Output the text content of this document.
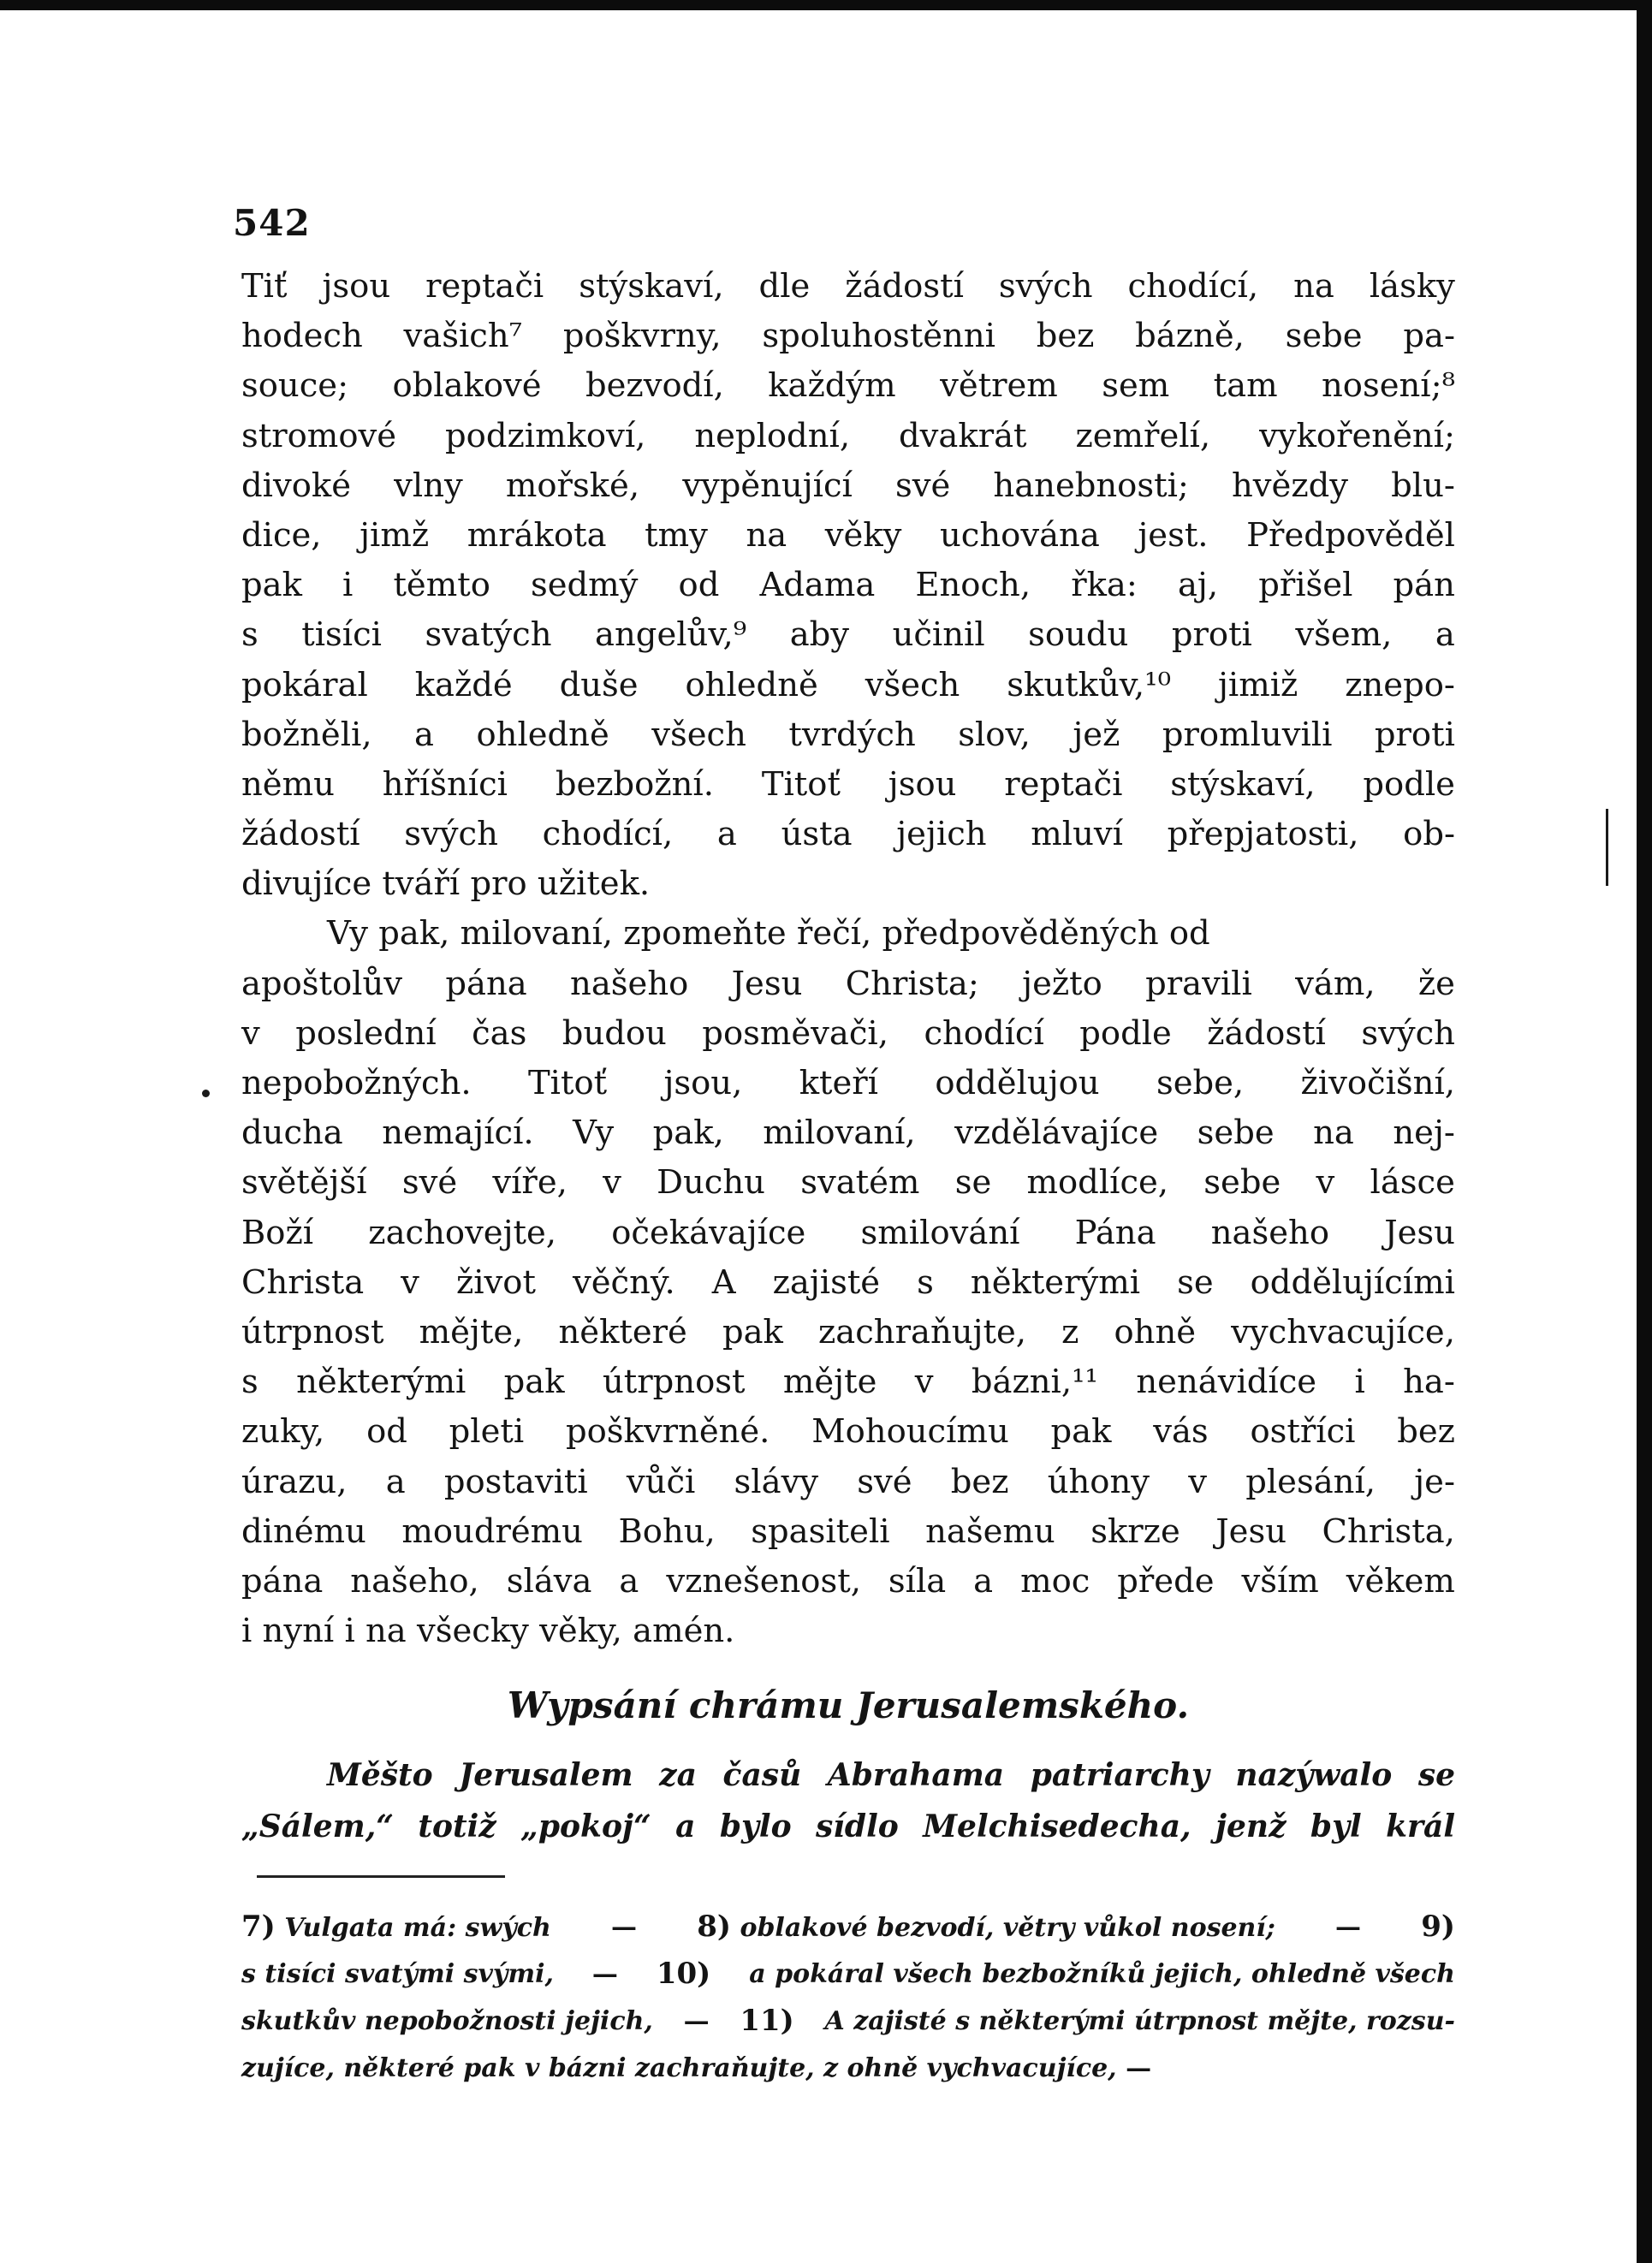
542
Tiť jsou reptači stýskaví, dle žádostí svých chodící, na lásky
hodech vašich⁷ poškvrny, spoluhostěnni bez bázně, sebe pa-
souce; oblakové bezvodí, každým větrem sem tam nosení;⁸
stromové podzimkoví, neplodní, dvakrát zemřelí, vykořenění;
divoké vlny mořské, vypěnující své hanebnosti; hvězdy blu-
dice, jimž mrákota tmy na věky uchována jest. Předpověděl
pak i těmto sedmý od Adama Enoch, řka: aj, přišel pán
s tisíci svatých angelův,⁹ aby učinil soudu proti všem, a
pokáral každé duše ohledně všech skutkův,¹⁰ jimiž znepo-
božněli, a ohledně všech tvrdých slov, jež promluvili proti
němu hříšníci bezbožní. Titoť jsou reptači stýskaví, podle
žádostí svých chodící, a ústa jejich mluví přepjatosti, ob-
divujíce tváří pro užitek.
Vy pak, milovaní, zpomeňte řečí, předpověděných od
apoštolův pána našeho Jesu Christa; ježto pravili vám, že
v poslední čas budou posměvači, chodící podle žádostí svých
nepobožných. Titoť jsou, kteří oddělujou sebe, živočišní,
ducha nemající. Vy pak, milovaní, vzdělávajíce sebe na nej-
světější své víře, v Duchu svatém se modlíce, sebe v lásce
Boží zachovejte, očekávajíce smilování Pána našeho Jesu
Christa v život věčný. A zajisté s některými se oddělujícími
útrpnost mějte, některé pak zachraňujte, z ohně vychvacujíce,
s některými pak útrpnost mějte v bázni,¹¹ nenávidíce i ha-
zuky, od pleti poškvrněné. Mohoucímu pak vás ostříci bez
úrazu, a postaviti vůči slávy své bez úhony v plesání, je-
dinému moudrému Bohu, spasiteli našemu skrze Jesu Christa,
pána našeho, sláva a vznešenost, síla a moc přede vším věkem
i nyní i na všecky věky, amén.
Wypsání chrámu Jerusalemského.
Měšto Jerusalem za časů Abrahama patriarchy nazýwalo se
„Sálem,“ totiž „pokoj“ a bylo sídlo Melchisedecha, jenž byl král
7) Vulgata má: swých — 8) oblakové bezvodí, větry vůkol nosení; — 9)
s tisíci svatými svými, — 10) a pokáral všech bezbožníků jejich, ohledně všech
skutkův nepobožnosti jejich, — 11) A zajisté s některými útrpnost mějte, rozsu-
zujíce, některé pak v bázni zachraňujte, z ohně vychvacujíce,
—
